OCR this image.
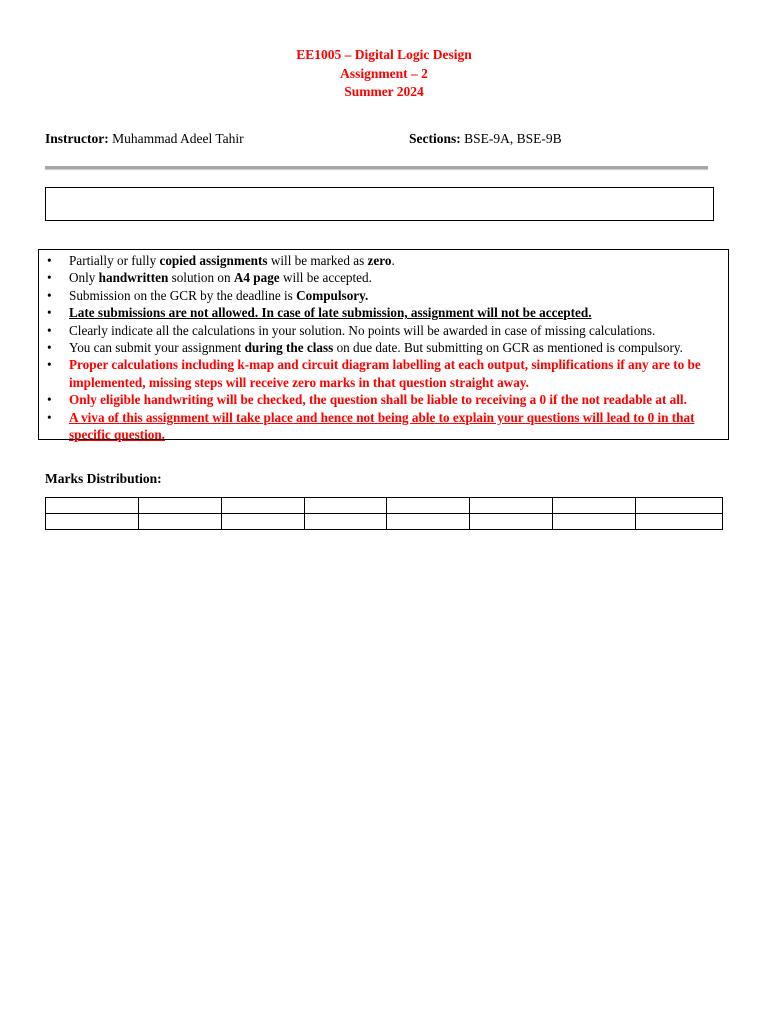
EE1005 – Digital Logic Design
Assignment – 2
Summer 2024
Instructor: Muhammad Adeel Tahir	Sections: BSE-9A, BSE-9B
• Partially or fully copied assignments will be marked as zero.
• Only handwritten solution on A4 page will be accepted.
• Submission on the GCR by the deadline is Compulsory.
• Late submissions are not allowed. In case of late submission, assignment will not be accepted.
• Clearly indicate all the calculations in your solution. No points will be awarded in case of missing calculations.
• You can submit your assignment during the class on due date. But submitting on GCR as mentioned is compulsory.
• Proper calculations including k-map and circuit diagram labelling at each output, simplifications if any are to be implemented, missing steps will receive zero marks in that question straight away.
• Only eligible handwriting will be checked, the question shall be liable to receiving a 0 if the not readable at all.
• A viva of this assignment will take place and hence not being able to explain your questions will lead to 0 in that specific question.
Marks Distribution:
